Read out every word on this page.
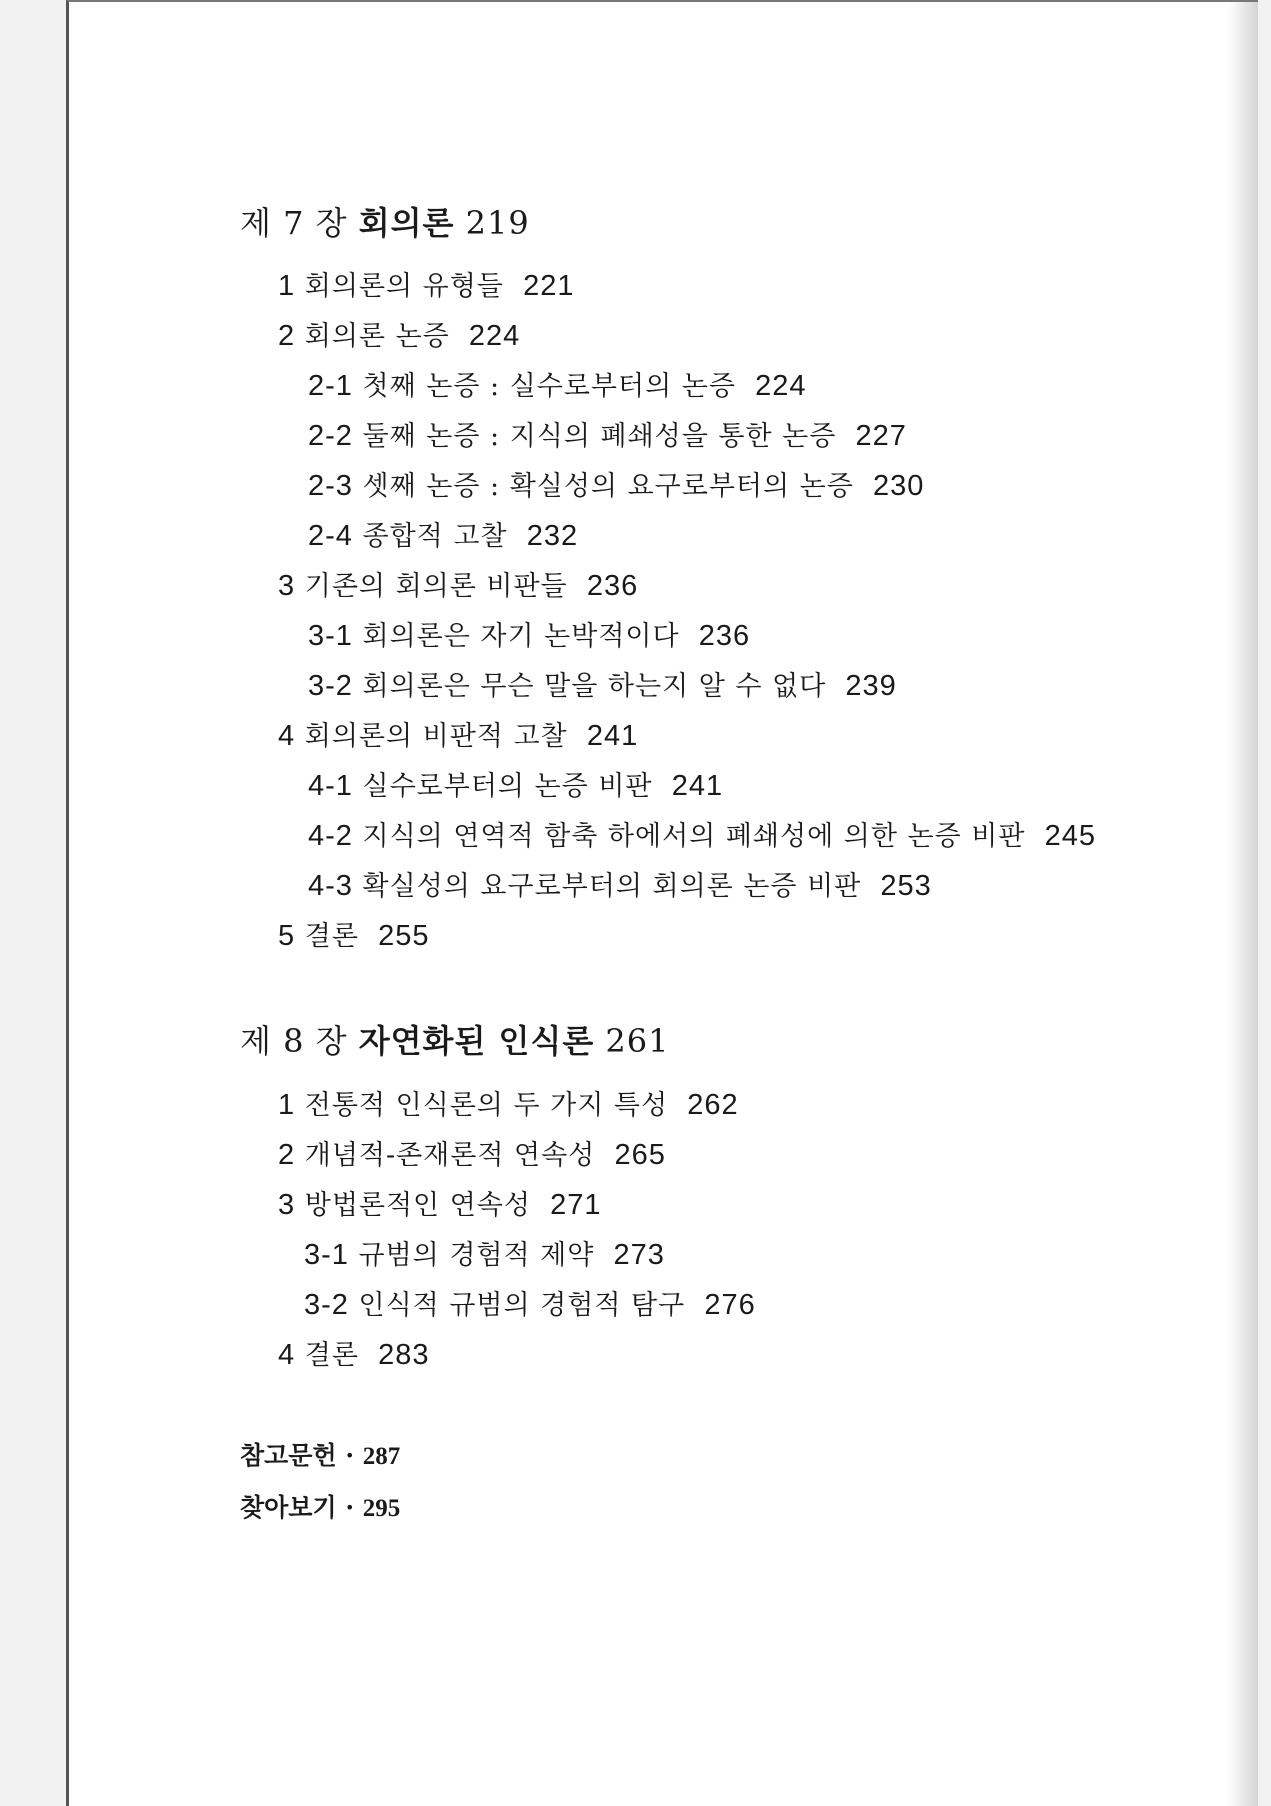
제 7 장 회의론 219
1 회의론의 유형들 221
2 회의론 논증 224
2-1 첫째 논증 : 실수로부터의 논증 224
2-2 둘째 논증 : 지식의 폐쇄성을 통한 논증 227
2-3 셋째 논증 : 확실성의 요구로부터의 논증 230
2-4 종합적 고찰 232
3 기존의 회의론 비판들 236
3-1 회의론은 자기 논박적이다 236
3-2 회의론은 무슨 말을 하는지 알 수 없다 239
4 회의론의 비판적 고찰 241
4-1 실수로부터의 논증 비판 241
4-2 지식의 연역적 함축 하에서의 폐쇄성에 의한 논증 비판 245
4-3 확실성의 요구로부터의 회의론 논증 비판 253
5 결론 255
제 8 장 자연화된 인식론 261
1 전통적 인식론의 두 가지 특성 262
2 개념적-존재론적 연속성 265
3 방법론적인 연속성 271
3-1 규범의 경험적 제약 273
3-2 인식적 규범의 경험적 탐구 276
4 결론 283
참고문헌 · 287
찾아보기 · 295
